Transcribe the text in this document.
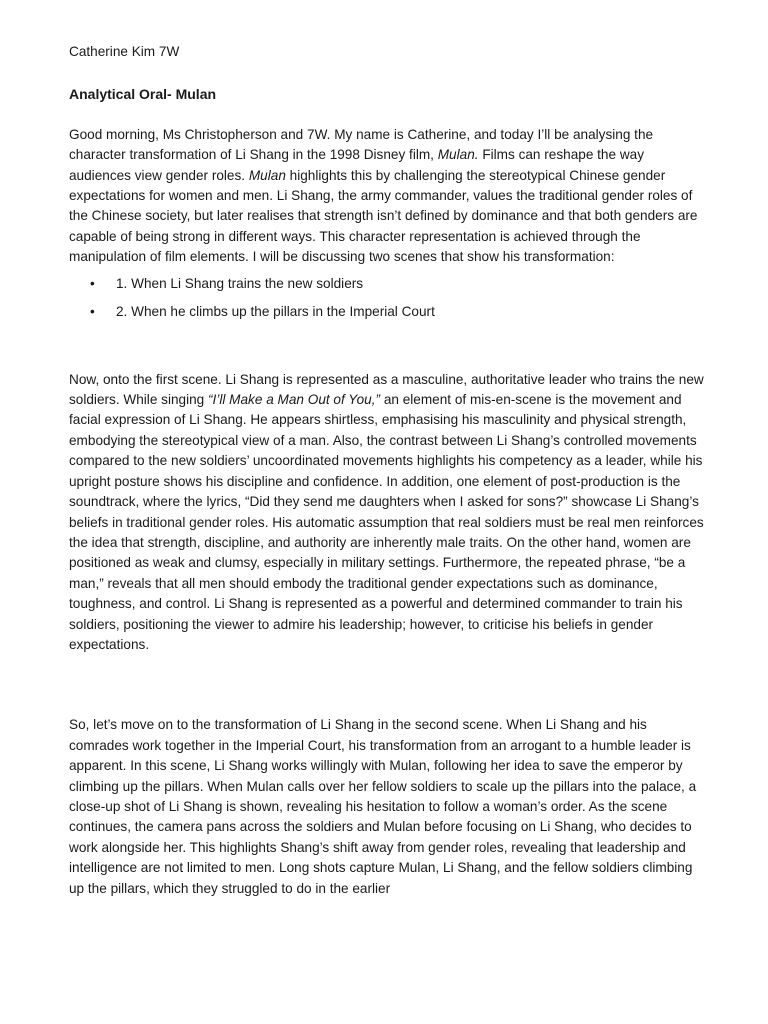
Catherine Kim 7W

Analytical Oral- Mulan

Good morning, Ms Christopherson and 7W. My name is Catherine, and today I’ll be analysing the character transformation of Li Shang in the 1998 Disney film, Mulan. Films can reshape the way audiences view gender roles. Mulan highlights this by challenging the stereotypical Chinese gender expectations for women and men. Li Shang, the army commander, values the traditional gender roles of the Chinese society, but later realises that strength isn’t defined by dominance and that both genders are capable of being strong in different ways. This character representation is achieved through the manipulation of film elements. I will be discussing two scenes that show his transformation:

• 1. When Li Shang trains the new soldiers
• 2. When he climbs up the pillars in the Imperial Court

Now, onto the first scene. Li Shang is represented as a masculine, authoritative leader who trains the new soldiers. While singing “I’ll Make a Man Out of You,” an element of mis-en-scene is the movement and facial expression of Li Shang. He appears shirtless, emphasising his masculinity and physical strength, embodying the stereotypical view of a man. Also, the contrast between Li Shang’s controlled movements compared to the new soldiers’ uncoordinated movements highlights his competency as a leader, while his upright posture shows his discipline and confidence. In addition, one element of post-production is the soundtrack, where the lyrics, “Did they send me daughters when I asked for sons?” showcase Li Shang’s beliefs in traditional gender roles. His automatic assumption that real soldiers must be real men reinforces the idea that strength, discipline, and authority are inherently male traits. On the other hand, women are positioned as weak and clumsy, especially in military settings. Furthermore, the repeated phrase, “be a man,” reveals that all men should embody the traditional gender expectations such as dominance, toughness, and control. Li Shang is represented as a powerful and determined commander to train his soldiers, positioning the viewer to admire his leadership; however, to criticise his beliefs in gender expectations.

So, let’s move on to the transformation of Li Shang in the second scene. When Li Shang and his comrades work together in the Imperial Court, his transformation from an arrogant to a humble leader is apparent. In this scene, Li Shang works willingly with Mulan, following her idea to save the emperor by climbing up the pillars. When Mulan calls over her fellow soldiers to scale up the pillars into the palace, a close-up shot of Li Shang is shown, revealing his hesitation to follow a woman’s order. As the scene continues, the camera pans across the soldiers and Mulan before focusing on Li Shang, who decides to work alongside her. This highlights Shang’s shift away from gender roles, revealing that leadership and intelligence are not limited to men. Long shots capture Mulan, Li Shang, and the fellow soldiers climbing up the pillars, which they struggled to do in the earlier
